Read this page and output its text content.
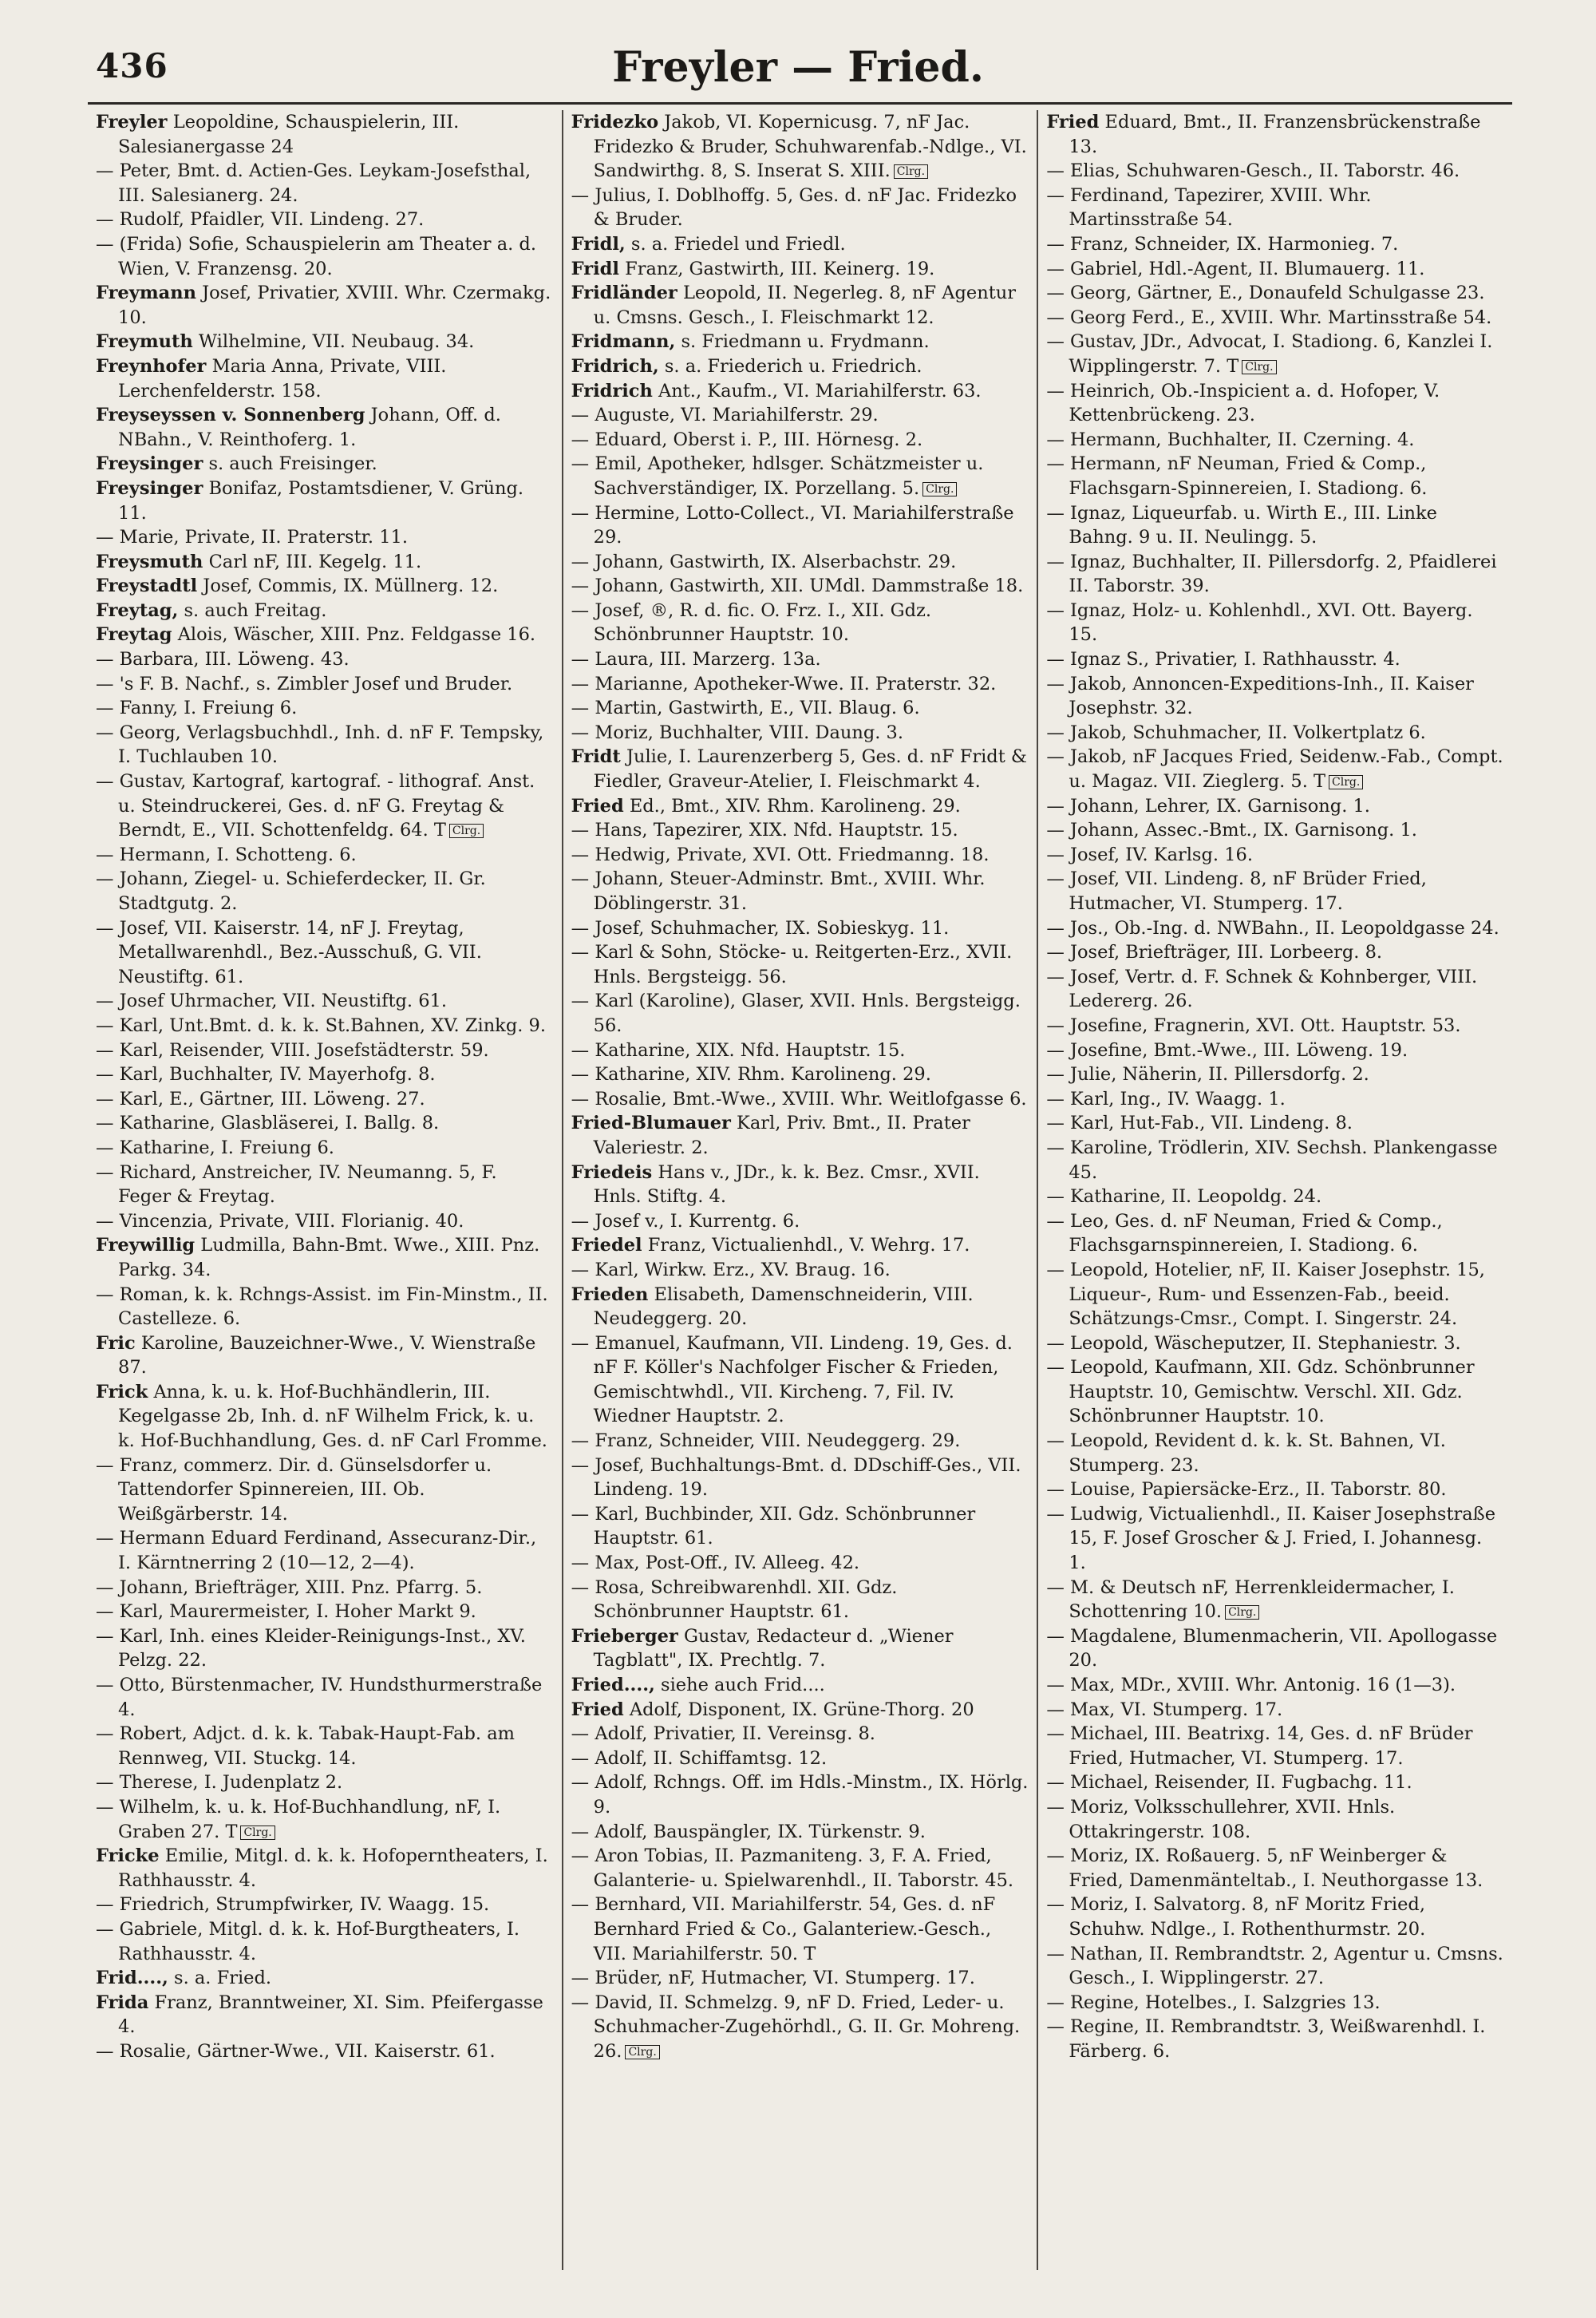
436	Freyler — Fried.

Freyler Leopoldine, Schauspielerin, III. Salesianergasse 24

— Peter, Bmt. d. Actien-Ges. Leykam-Josefsthal, III. Salesianerg. 24.

— Rudolf, Pfaidler, VII. Lindeng. 27.

— (Frida) Sofie, Schauspielerin am Theater a. d. Wien, V. Franzensg. 20.

Freymann Josef, Privatier, XVIII. Whr. Czermakg. 10.

Freymuth Wilhelmine, VII. Neubaug. 34.

Freynhofer Maria Anna, Private, VIII. Lerchenfelderstr. 158.

Freyseyssen v. Sonnenberg Johann, Off. d. NBahn., V. Reinthoferg. 1.

Freysinger s. auch Freisinger.

Freysinger Bonifaz, Postamtsdiener, V. Grüng. 11.

— Marie, Private, II. Praterstr. 11.

Freysmuth Carl nF, III. Kegelg. 11.

Freystadtl Josef, Commis, IX. Müllnerg. 12.

Freytag, s. auch Freitag.

Freytag Alois, Wäscher, XIII. Pnz. Feldgasse 16.

— Barbara, III. Löweng. 43.

— 's F. B. Nachf., s. Zimbler Josef und Bruder.

— Fanny, I. Freiung 6.

— Georg, Verlagsbuchhdl., Inh. d. nF F. Tempsky, I. Tuchlauben 10.

— Gustav, Kartograf, kartograf. - lithograf. Anst. u. Steindruckerei, Ges. d. nF G. Freytag & Berndt, E., VII. Schottenfeldg. 64. T Clrg.

— Hermann, I. Schotteng. 6.

— Johann, Ziegel- u. Schieferdecker, II. Gr. Stadtgutg. 2.

— Josef, VII. Kaiserstr. 14, nF J. Freytag, Metallwarenhdl., Bez.-Ausschuß, G. VII. Neustiftg. 61.

— Josef Uhrmacher, VII. Neustiftg. 61.

— Karl, Unt.Bmt. d. k. k. St.Bahnen, XV. Zinkg. 9.

— Karl, Reisender, VIII. Josefstädterstr. 59.

— Karl, Buchhalter, IV. Mayerhofg. 8.

— Karl, E., Gärtner, III. Löweng. 27.

— Katharine, Glasbläserei, I. Ballg. 8.

— Katharine, I. Freiung 6.

— Richard, Anstreicher, IV. Neumanng. 5, F. Feger & Freytag.

— Vincenzia, Private, VIII. Florianig. 40.

Freywillig Ludmilla, Bahn-Bmt. Wwe., XIII. Pnz. Parkg. 34.

— Roman, k. k. Rchngs-Assist. im Fin-Minstm., II. Castelleze. 6.

Fric Karoline, Bauzeichner-Wwe., V. Wienstraße 87.

Frick Anna, k. u. k. Hof-Buchhändlerin, III. Kegelgasse 2b, Inh. d. nF Wilhelm Frick, k. u. k. Hof-Buchhandlung, Ges. d. nF Carl Fromme.

— Franz, commerz. Dir. d. Günselsdorfer u. Tattendorfer Spinnereien, III. Ob. Weißgärberstr. 14.

— Hermann Eduard Ferdinand, Assecuranz-Dir., I. Kärntnerring 2 (10—12, 2—4).

— Johann, Briefträger, XIII. Pnz. Pfarrg. 5.

— Karl, Maurermeister, I. Hoher Markt 9.

— Karl, Inh. eines Kleider-Reinigungs-Inst., XV. Pelzg. 22.

— Otto, Bürstenmacher, IV. Hundsthurmerstraße 4.

— Robert, Adjct. d. k. k. Tabak-Haupt-Fab. am Rennweg, VII. Stuckg. 14.

— Therese, I. Judenplatz 2.

— Wilhelm, k. u. k. Hof-Buchhandlung, nF, I. Graben 27. T Clrg.

Fricke Emilie, Mitgl. d. k. k. Hofoperntheaters, I. Rathhausstr. 4.

— Friedrich, Strumpfwirker, IV. Waagg. 15.

— Gabriele, Mitgl. d. k. k. Hof-Burgtheaters, I. Rathhausstr. 4.

Frid...., s. a. Fried.

Frida Franz, Branntweiner, XI. Sim. Pfeifergasse 4.

— Rosalie, Gärtner-Wwe., VII. Kaiserstr. 61.

Fridezko Jakob, VI. Kopernicusg. 7, nF Jac. Fridezko & Bruder, Schuhwarenfab.-Ndlge., VI. Sandwirthg. 8, S. Inserat S. XIII. Clrg.

— Julius, I. Doblhoffg. 5, Ges. d. nF Jac. Fridezko & Bruder.

Fridl, s. a. Friedel und Friedl.

Fridl Franz, Gastwirth, III. Keinerg. 19.

Fridländer Leopold, II. Negerleg. 8, nF Agentur u. Cmsns. Gesch., I. Fleischmarkt 12.

Fridmann, s. Friedmann u. Frydmann.

Fridrich, s. a. Friederich u. Friedrich.

Fridrich Ant., Kaufm., VI. Mariahilferstr. 63.

— Auguste, VI. Mariahilferstr. 29.

— Eduard, Oberst i. P., III. Hörnesg. 2.

— Emil, Apotheker, hdlsger. Schätzmeister u. Sachverständiger, IX. Porzellang. 5. Clrg.

— Hermine, Lotto-Collect., VI. Mariahilferstraße 29.

— Johann, Gastwirth, IX. Alserbachstr. 29.

— Johann, Gastwirth, XII. UMdl. Dammstraße 18.

— Josef, ®, R. d. fic. O. Frz. I., XII. Gdz. Schönbrunner Hauptstr. 10.

— Laura, III. Marzerg. 13a.

— Marianne, Apotheker-Wwe. II. Praterstr. 32.

— Martin, Gastwirth, E., VII. Blaug. 6.

— Moriz, Buchhalter, VIII. Daung. 3.

Fridt Julie, I. Laurenzerberg 5, Ges. d. nF Fridt & Fiedler, Graveur-Atelier, I. Fleischmarkt 4.

Fried Ed., Bmt., XIV. Rhm. Karolineng. 29.

— Hans, Tapezirer, XIX. Nfd. Hauptstr. 15.

— Hedwig, Private, XVI. Ott. Friedmanng. 18.

— Johann, Steuer-Adminstr. Bmt., XVIII. Whr. Döblingerstr. 31.

— Josef, Schuhmacher, IX. Sobieskyg. 11.

— Karl & Sohn, Stöcke- u. Reitgerten-Erz., XVII. Hnls. Bergsteigg. 56.

— Karl (Karoline), Glaser, XVII. Hnls. Bergsteigg. 56.

— Katharine, XIX. Nfd. Hauptstr. 15.

— Katharine, XIV. Rhm. Karolineng. 29.

— Rosalie, Bmt.-Wwe., XVIII. Whr. Weitlofgasse 6.

Fried-Blumauer Karl, Priv. Bmt., II. Prater Valeriestr. 2.

Friedeis Hans v., JDr., k. k. Bez. Cmsr., XVII. Hnls. Stiftg. 4.

— Josef v., I. Kurrentg. 6.

Friedel Franz, Victualienhdl., V. Wehrg. 17.

— Karl, Wirkw. Erz., XV. Braug. 16.

Frieden Elisabeth, Damenschneiderin, VIII. Neudeggerg. 20.

— Emanuel, Kaufmann, VII. Lindeng. 19, Ges. d. nF F. Köller's Nachfolger Fischer & Frieden, Gemischtwhdl., VII. Kircheng. 7, Fil. IV. Wiedner Hauptstr. 2.

— Franz, Schneider, VIII. Neudeggerg. 29.

— Josef, Buchhaltungs-Bmt. d. DDschiff-Ges., VII. Lindeng. 19.

— Karl, Buchbinder, XII. Gdz. Schönbrunner Hauptstr. 61.

— Max, Post-Off., IV. Alleeg. 42.

— Rosa, Schreibwarenhdl. XII. Gdz. Schönbrunner Hauptstr. 61.

Frieberger Gustav, Redacteur d. „Wiener Tagblatt", IX. Prechtlg. 7.

Fried...., siehe auch Frid....

Fried Adolf, Disponent, IX. Grüne-Thorg. 20

— Adolf, Privatier, II. Vereinsg. 8.

— Adolf, II. Schiffamtsg. 12.

— Adolf, Rchngs. Off. im Hdls.-Minstm., IX. Hörlg. 9.

— Adolf, Bauspängler, IX. Türkenstr. 9.

— Aron Tobias, II. Pazmaniteng. 3, F. A. Fried, Galanterie- u. Spielwarenhdl., II. Taborstr. 45.

— Bernhard, VII. Mariahilferstr. 54, Ges. d. nF Bernhard Fried & Co., Galanteriew.-Gesch., VII. Mariahilferstr. 50. T

— Brüder, nF, Hutmacher, VI. Stumperg. 17.

— David, II. Schmelzg. 9, nF D. Fried, Leder- u. Schuhmacher-Zugehörhdl., G. II. Gr. Mohreng. 26. Clrg.

Fried Eduard, Bmt., II. Franzensbrückenstraße 13.

— Elias, Schuhwaren-Gesch., II. Taborstr. 46.

— Ferdinand, Tapezirer, XVIII. Whr. Martinsstraße 54.

— Franz, Schneider, IX. Harmonieg. 7.

— Gabriel, Hdl.-Agent, II. Blumauerg. 11.

— Georg, Gärtner, E., Donaufeld Schulgasse 23.

— Georg Ferd., E., XVIII. Whr. Martinsstraße 54.

— Gustav, JDr., Advocat, I. Stadiong. 6, Kanzlei I. Wipplingerstr. 7. T Clrg.

— Heinrich, Ob.-Inspicient a. d. Hofoper, V. Kettenbrückeng. 23.

— Hermann, Buchhalter, II. Czerning. 4.

— Hermann, nF Neuman, Fried & Comp., Flachsgarn-Spinnereien, I. Stadiong. 6.

— Ignaz, Liqueurfab. u. Wirth E., III. Linke Bahng. 9 u. II. Neulingg. 5.

— Ignaz, Buchhalter, II. Pillersdorfg. 2, Pfaidlerei II. Taborstr. 39.

— Ignaz, Holz- u. Kohlenhdl., XVI. Ott. Bayerg. 15.

— Ignaz S., Privatier, I. Rathhausstr. 4.

— Jakob, Annoncen-Expeditions-Inh., II. Kaiser Josephstr. 32.

— Jakob, Schuhmacher, II. Volkertplatz 6.

— Jakob, nF Jacques Fried, Seidenw.-Fab., Compt. u. Magaz. VII. Zieglerg. 5. T Clrg.

— Johann, Lehrer, IX. Garnisong. 1.

— Johann, Assec.-Bmt., IX. Garnisong. 1.

— Josef, IV. Karlsg. 16.

— Josef, VII. Lindeng. 8, nF Brüder Fried, Hutmacher, VI. Stumperg. 17.

— Jos., Ob.-Ing. d. NWBahn., II. Leopoldgasse 24.

— Josef, Briefträger, III. Lorbeerg. 8.

— Josef, Vertr. d. F. Schnek & Kohnberger, VIII. Ledererg. 26.

— Josefine, Fragnerin, XVI. Ott. Hauptstr. 53.

— Josefine, Bmt.-Wwe., III. Löweng. 19.

— Julie, Näherin, II. Pillersdorfg. 2.

— Karl, Ing., IV. Waagg. 1.

— Karl, Hut-Fab., VII. Lindeng. 8.

— Karoline, Trödlerin, XIV. Sechsh. Plankengasse 45.

— Katharine, II. Leopoldg. 24.

— Leo, Ges. d. nF Neuman, Fried & Comp., Flachsgarnspinnereien, I. Stadiong. 6.

— Leopold, Hotelier, nF, II. Kaiser Josephstr. 15, Liqueur-, Rum- und Essenzen-Fab., beeid. Schätzungs-Cmsr., Compt. I. Singerstr. 24.

— Leopold, Wäscheputzer, II. Stephaniestr. 3.

— Leopold, Kaufmann, XII. Gdz. Schönbrunner Hauptstr. 10, Gemischtw. Verschl. XII. Gdz. Schönbrunner Hauptstr. 10.

— Leopold, Revident d. k. k. St. Bahnen, VI. Stumperg. 23.

— Louise, Papiersäcke-Erz., II. Taborstr. 80.

— Ludwig, Victualienhdl., II. Kaiser Josephstraße 15, F. Josef Groscher & J. Fried, I. Johannesg. 1.

— M. & Deutsch nF, Herrenkleidermacher, I. Schottenring 10. Clrg.

— Magdalene, Blumenmacherin, VII. Apollogasse 20.

— Max, MDr., XVIII. Whr. Antonig. 16 (1—3).

— Max, VI. Stumperg. 17.

— Michael, III. Beatrixg. 14, Ges. d. nF Brüder Fried, Hutmacher, VI. Stumperg. 17.

— Michael, Reisender, II. Fugbachg. 11.

— Moriz, Volksschullehrer, XVII. Hnls. Ottakringerstr. 108.

— Moriz, IX. Roßauerg. 5, nF Weinberger & Fried, Damenmänteltab., I. Neuthorgasse 13.

— Moriz, I. Salvatorg. 8, nF Moritz Fried, Schuhw. Ndlge., I. Rothenthurmstr. 20.

— Nathan, II. Rembrandtstr. 2, Agentur u. Cmsns. Gesch., I. Wipplingerstr. 27.

— Regine, Hotelbes., I. Salzgries 13.

— Regine, II. Rembrandtstr. 3, Weißwarenhdl. I. Färberg. 6.
